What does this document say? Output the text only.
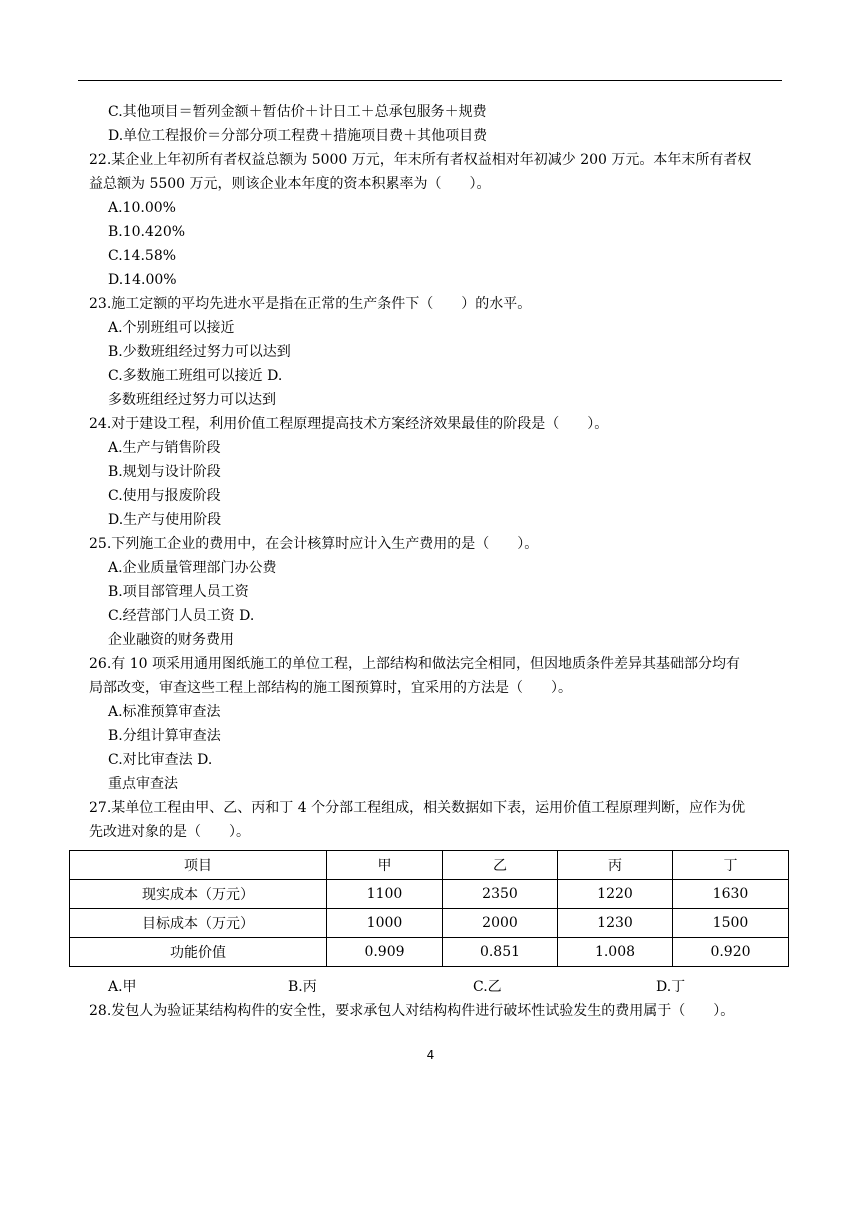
C.其他项目＝暂列金额＋暂估价＋计日工＋总承包服务＋规费
D.单位工程报价＝分部分项工程费＋措施项目费＋其他项目费
22.某企业上年初所有者权益总额为 5000 万元，年末所有者权益相对年初减少 200 万元。本年末所有者权
益总额为 5500 万元，则该企业本年度的资本积累率为（　　）。
A.10.00%
B.10.420%
C.14.58%
D.14.00%
23.施工定额的平均先进水平是指在正常的生产条件下（　　）的水平。
A.个别班组可以接近
B.少数班组经过努力可以达到
C.多数施工班组可以接近 D.
多数班组经过努力可以达到
24.对于建设工程，利用价值工程原理提高技术方案经济效果最佳的阶段是（　　）。
A.生产与销售阶段
B.规划与设计阶段
C.使用与报废阶段
D.生产与使用阶段
25.下列施工企业的费用中，在会计核算时应计入生产费用的是（　　）。
A.企业质量管理部门办公费
B.项目部管理人员工资
C.经营部门人员工资 D.
企业融资的财务费用
26.有 10 项采用通用图纸施工的单位工程，上部结构和做法完全相同，但因地质条件差异其基础部分均有
局部改变，审查这些工程上部结构的施工图预算时，宜采用的方法是（　　）。
A.标准预算审查法
B.分组计算审查法
C.对比审查法 D.
重点审查法
27.某单位工程由甲、乙、丙和丁 4 个分部工程组成，相关数据如下表，运用价值工程原理判断，应作为优
先改进对象的是（　　）。
项目	甲	乙	丙	丁
现实成本（万元）	1100	2350	1220	1630
目标成本（万元）	1000	2000	1230	1500
功能价值	0.909	0.851	1.008	0.920
A.甲	B.丙	C.乙	D.丁
28.发包人为验证某结构构件的安全性，要求承包人对结构构件进行破坏性试验发生的费用属于（　　）。
4
